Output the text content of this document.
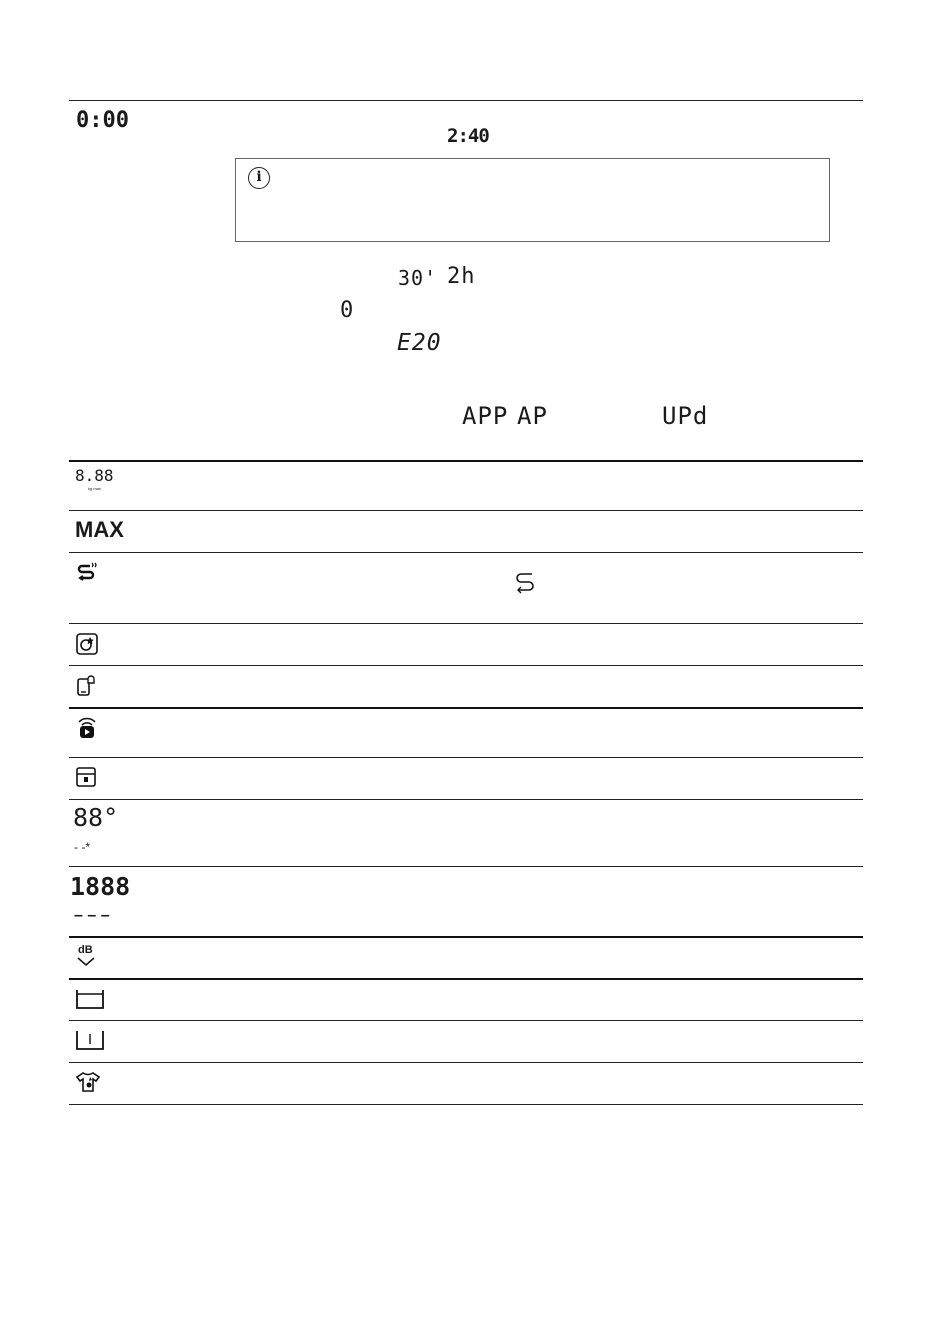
0:00
2:40
i
30' 2h
0
E20
APP AP	UPd
8.88
kg max
MAX
88°
- -*
1888
– – –
dB
